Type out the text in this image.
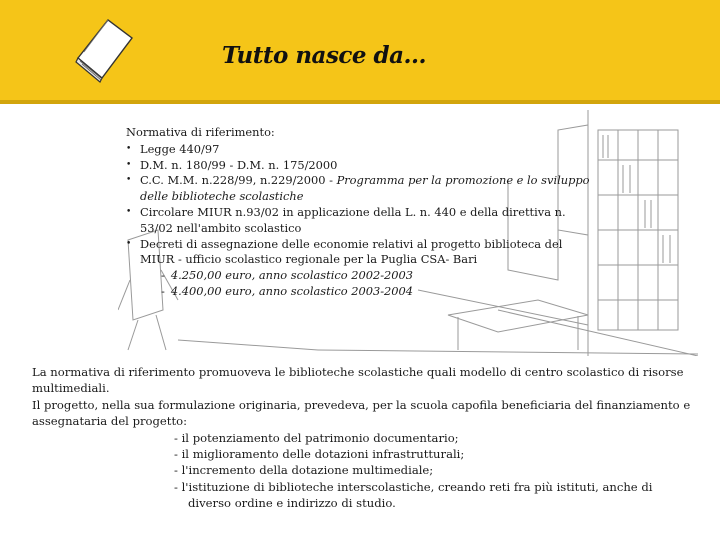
Tutto nasce da…
Normativa di riferimento:
• Legge 440/97
• D.M. n. 180/99 - D.M. n. 175/2000
• C.C. M.M. n.228/99, n.229/2000 - Programma per la promozione e lo sviluppo delle biblioteche scolastiche
• Circolare MIUR n.93/02 in applicazione della L. n. 440 e della direttiva n. 53/02 nell'ambito scolastico
• Decreti di assegnazione delle economie relativi al progetto biblioteca del MIUR - ufficio scolastico regionale per la Puglia CSA- Bari
- 4.250,00 euro, anno scolastico 2002-2003
- 4.400,00 euro, anno scolastico 2003-2004

La normativa di riferimento promuoveva le biblioteche scolastiche quali modello di centro scolastico di risorse multimediali.

Il progetto, nella sua formulazione originaria, prevedeva, per la scuola capofila beneficiaria del finanziamento e assegnataria del progetto:

- il potenziamento del patrimonio documentario;
- il miglioramento delle dotazioni infrastrutturali;
- l'incremento della dotazione multimediale;
- l'istituzione di biblioteche interscolastiche, creando reti fra più istituti, anche di
diverso ordine e indirizzo di studio.
